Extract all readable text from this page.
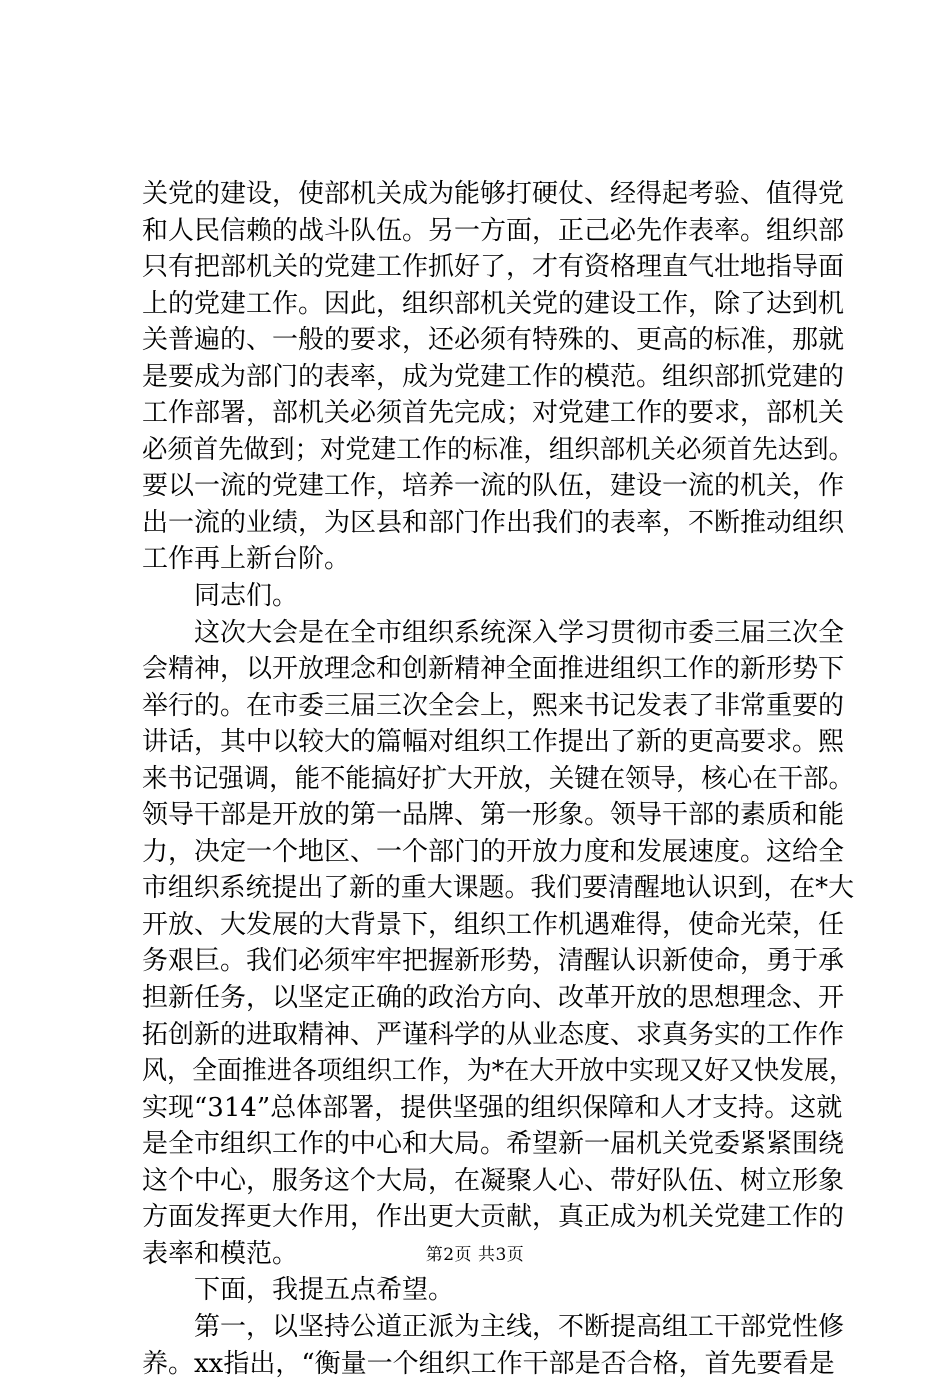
关党的建设，使部机关成为能够打硬仗、经得起考验、值得党
和人民信赖的战斗队伍。另一方面，正己必先作表率。组织部
只有把部机关的党建工作抓好了，才有资格理直气壮地指导面
上的党建工作。因此，组织部机关党的建设工作，除了达到机
关普遍的、一般的要求，还必须有特殊的、更高的标准，那就
是要成为部门的表率，成为党建工作的模范。组织部抓党建的
工作部署，部机关必须首先完成；对党建工作的要求，部机关
必须首先做到；对党建工作的标准，组织部机关必须首先达到。
要以一流的党建工作，培养一流的队伍，建设一流的机关，作
出一流的业绩，为区县和部门作出我们的表率，不断推动组织
工作再上新台阶。
　　同志们。
　　这次大会是在全市组织系统深入学习贯彻市委三届三次全
会精神，以开放理念和创新精神全面推进组织工作的新形势下
举行的。在市委三届三次全会上，熙来书记发表了非常重要的
讲话，其中以较大的篇幅对组织工作提出了新的更高要求。熙
来书记强调，能不能搞好扩大开放，关键在领导，核心在干部。
领导干部是开放的第一品牌、第一形象。领导干部的素质和能
力，决定一个地区、一个部门的开放力度和发展速度。这给全
市组织系统提出了新的重大课题。我们要清醒地认识到，在*大
开放、大发展的大背景下，组织工作机遇难得，使命光荣，任
务艰巨。我们必须牢牢把握新形势，清醒认识新使命，勇于承
担新任务，以坚定正确的政治方向、改革开放的思想理念、开
拓创新的进取精神、严谨科学的从业态度、求真务实的工作作
风，全面推进各项组织工作，为*在大开放中实现又好又快发展，
实现“314”总体部署，提供坚强的组织保障和人才支持。这就
是全市组织工作的中心和大局。希望新一届机关党委紧紧围绕
这个中心，服务这个大局，在凝聚人心、带好队伍、树立形象
方面发挥更大作用，作出更大贡献，真正成为机关党建工作的
表率和模范。
　　下面，我提五点希望。
　　第一，以坚持公道正派为主线，不断提高组工干部党性修
养。xx指出，“衡量一个组织工作干部是否合格，首先要看是
第2页 共3页
